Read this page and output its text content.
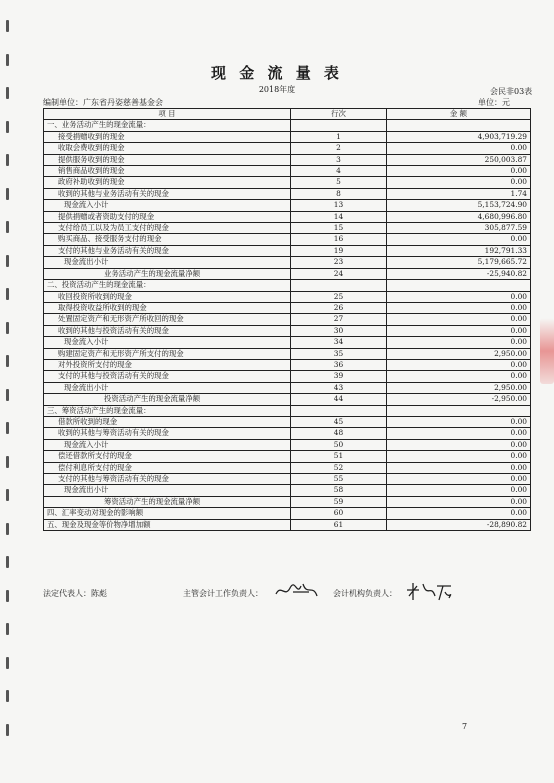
现 金 流 量 表
2018年度	会民非03表
编制单位：广东省丹姿慈善基金会	单位：元
项 目	行次	金 额
一、业务活动产生的现金流量：		
接受捐赠收到的现金	1	4,903,719.29
收取会费收到的现金	2	0.00
提供服务收到的现金	3	250,003.87
销售商品收到的现金	4	0.00
政府补助收到的现金	5	0.00
收到的其他与业务活动有关的现金	8	1.74
现金流入小计	13	5,153,724.90
提供捐赠或者资助支付的现金	14	4,680,996.80
支付给员工以及为员工支付的现金	15	305,877.59
购买商品、接受服务支付的现金	16	0.00
支付的其他与业务活动有关的现金	19	192,791.33
现金流出小计	23	5,179,665.72
业务活动产生的现金流量净额	24	-25,940.82
二、投资活动产生的现金流量：		
收回投资所收到的现金	25	0.00
取得投资收益所收到的现金	26	0.00
处置固定资产和无形资产所收回的现金	27	0.00
收到的其他与投资活动有关的现金	30	0.00
现金流入小计	34	0.00
购建固定资产和无形资产所支付的现金	35	2,950.00
对外投资所支付的现金	36	0.00
支付的其他与投资活动有关的现金	39	0.00
现金流出小计	43	2,950.00
投资活动产生的现金流量净额	44	-2,950.00
三、筹资活动产生的现金流量：		
借款所收到的现金	45	0.00
收到的其他与筹资活动有关的现金	48	0.00
现金流入小计	50	0.00
偿还借款所支付的现金	51	0.00
偿付利息所支付的现金	52	0.00
支付的其他与筹资活动有关的现金	55	0.00
现金流出小计	58	0.00
筹资活动产生的现金流量净额	59	0.00
四、汇率变动对现金的影响额	60	0.00
五、现金及现金等价物净增加额	61	-28,890.82
法定代表人：陈彪	主管会计工作负责人：	会计机构负责人：
7
